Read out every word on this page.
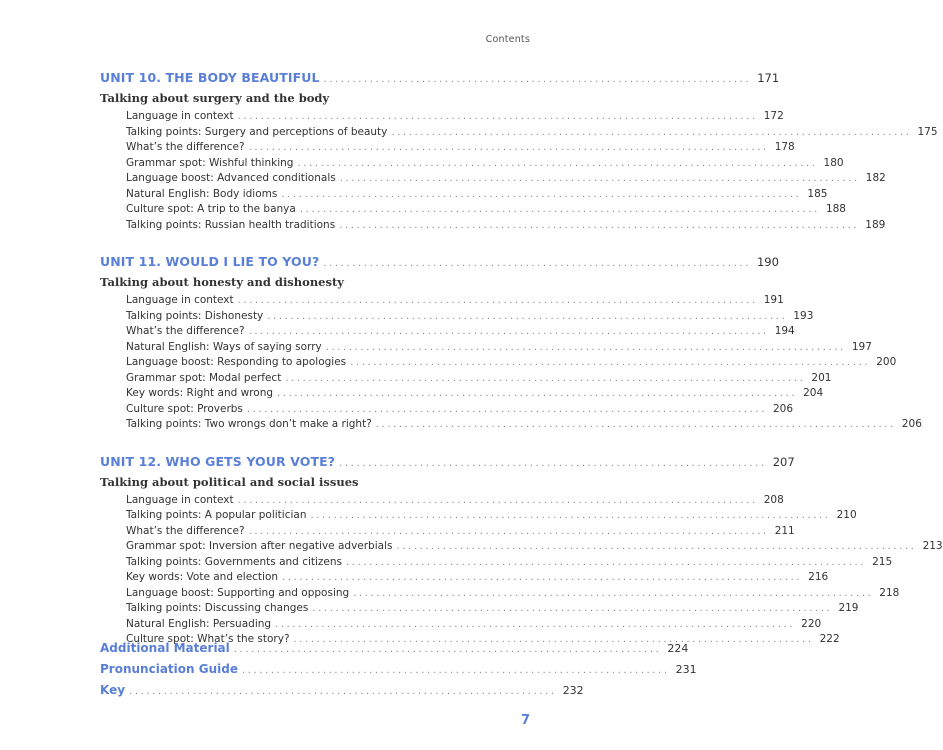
Contents
UNIT 10. THE BODY BEAUTIFUL .......................................................................... 171
Talking about surgery and the body
Language in context .......................................................................................... 172
Talking points: Surgery and perceptions of beauty .......................................................................................... 175
What’s the difference? .......................................................................................... 178
Grammar spot: Wishful thinking .......................................................................................... 180
Language boost: Advanced conditionals .......................................................................................... 182
Natural English: Body idioms .......................................................................................... 185
Culture spot: A trip to the banya .......................................................................................... 188
Talking points: Russian health traditions .......................................................................................... 189
UNIT 11. WOULD I LIE TO YOU? .......................................................................... 190
Talking about honesty and dishonesty
Language in context .......................................................................................... 191
Talking points: Dishonesty .......................................................................................... 193
What’s the difference? .......................................................................................... 194
Natural English: Ways of saying sorry .......................................................................................... 197
Language boost: Responding to apologies .......................................................................................... 200
Grammar spot: Modal perfect .......................................................................................... 201
Key words: Right and wrong .......................................................................................... 204
Culture spot: Proverbs .......................................................................................... 206
Talking points: Two wrongs don’t make a right? .......................................................................................... 206
UNIT 12. WHO GETS YOUR VOTE? .......................................................................... 207
Talking about political and social issues
Language in context .......................................................................................... 208
Talking points: A popular politician .......................................................................................... 210
What’s the difference? .......................................................................................... 211
Grammar spot: Inversion after negative adverbials .......................................................................................... 213
Talking points: Governments and citizens .......................................................................................... 215
Key words: Vote and election .......................................................................................... 216
Language boost: Supporting and opposing .......................................................................................... 218
Talking points: Discussing changes .......................................................................................... 219
Natural English: Persuading .......................................................................................... 220
Culture spot: What’s the story? .......................................................................................... 222
Additional Material .......................................................................... 224
Pronunciation Guide .......................................................................... 231
Key .......................................................................... 232
7
